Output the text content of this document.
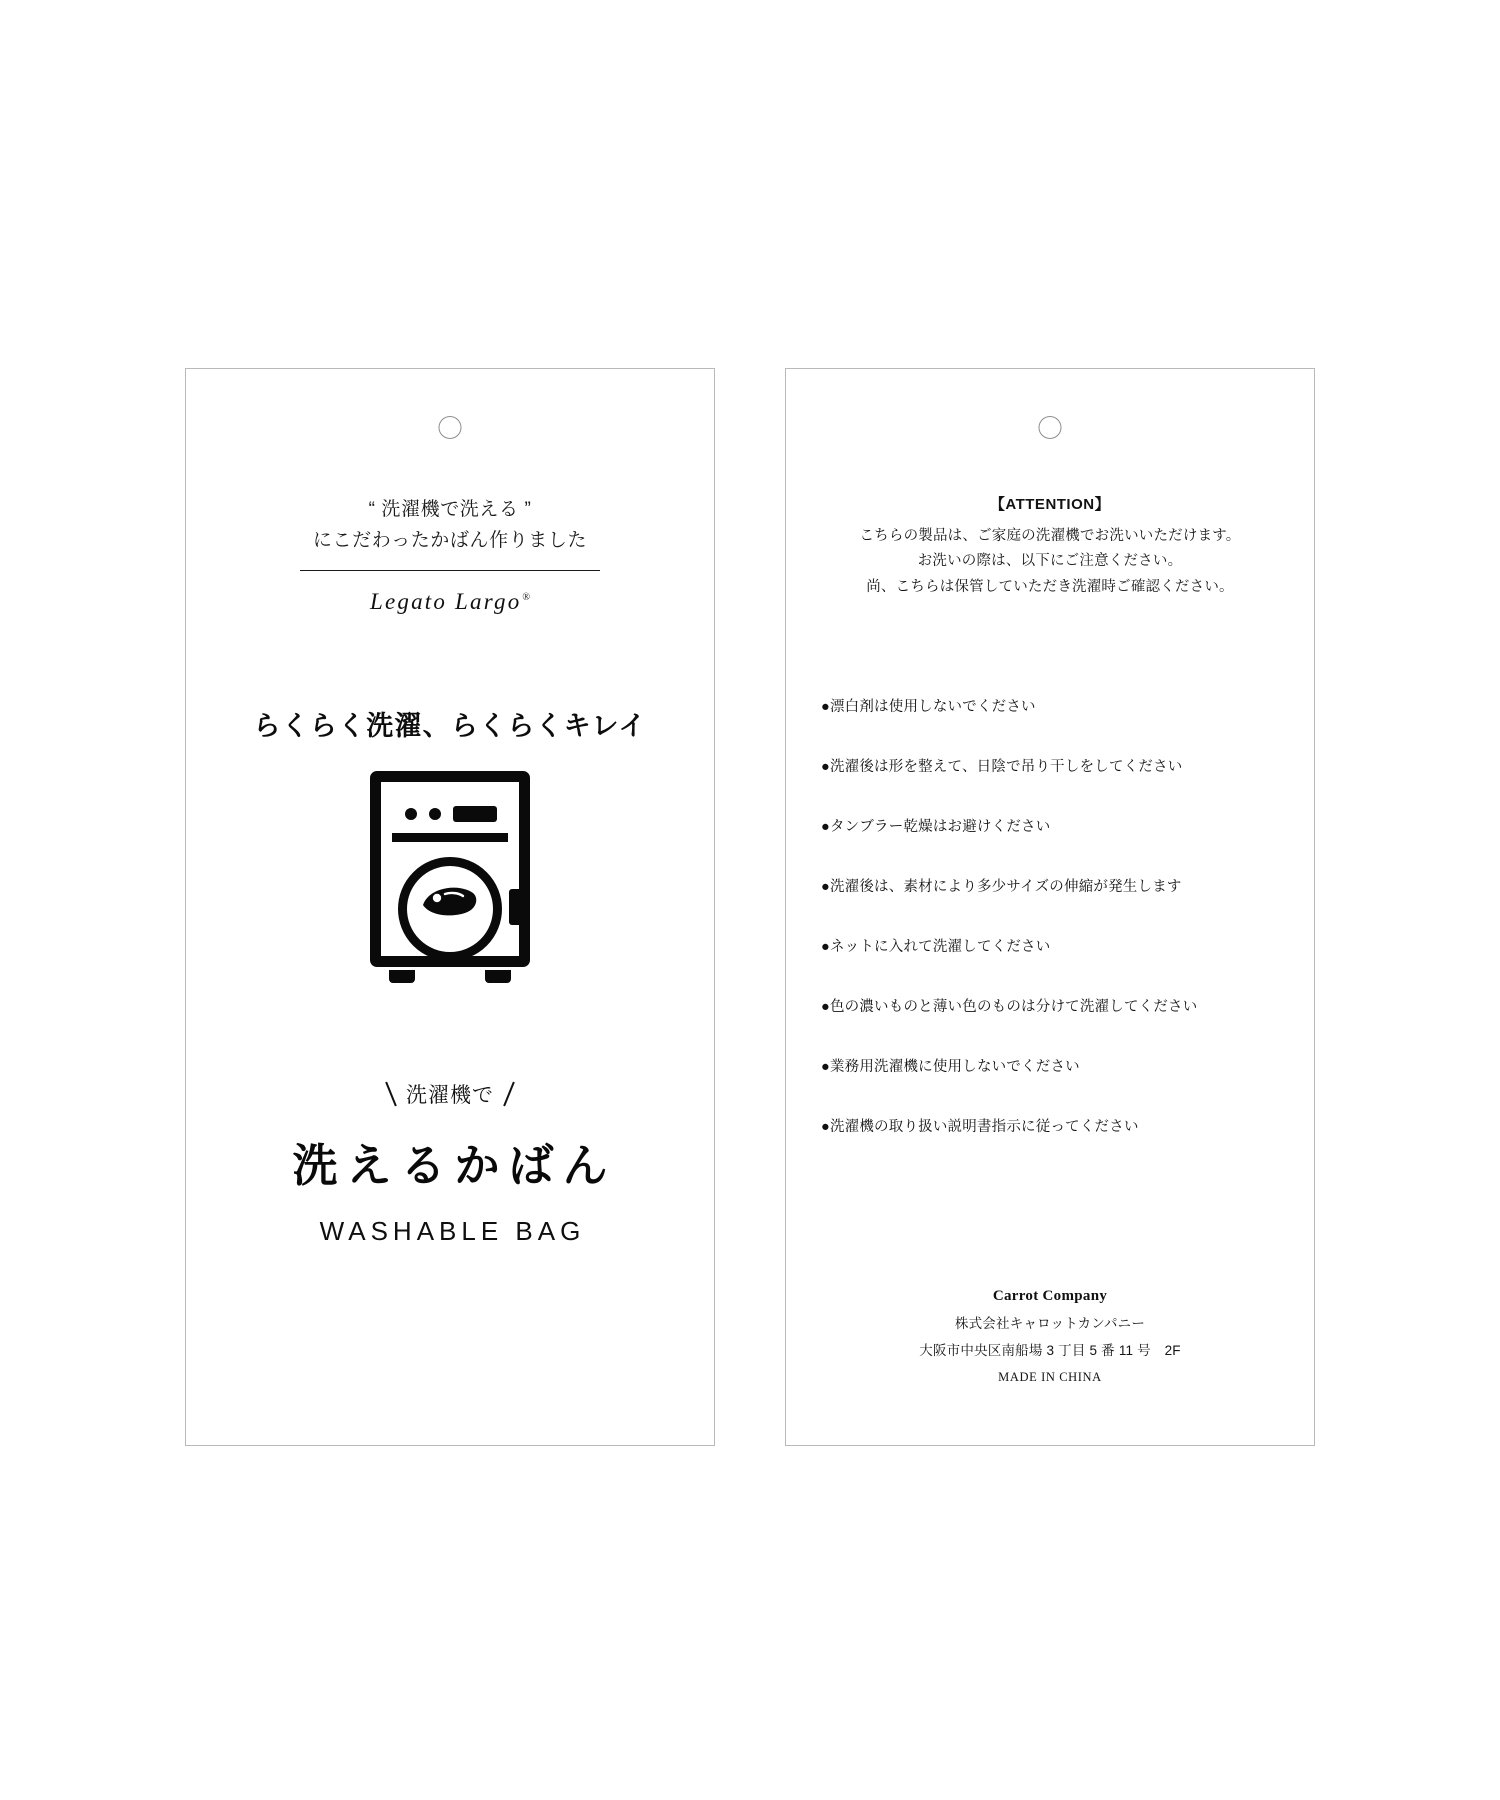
“ 洗濯機で洗える ”
にこだわったかばん作りました
Legato Largo®
らくらく洗濯、らくらくキレイ
洗濯機で
洗えるかばん
WASHABLE BAG
【ATTENTION】
こちらの製品は、ご家庭の洗濯機でお洗いいただけます。
お洗いの際は、以下にご注意ください。
尚、こちらは保管していただき洗濯時ご確認ください。
●漂白剤は使用しないでください
●洗濯後は形を整えて、日陰で吊り干しをしてください
●タンブラー乾燥はお避けください
●洗濯後は、素材により多少サイズの伸縮が発生します
●ネットに入れて洗濯してください
●色の濃いものと薄い色のものは分けて洗濯してください
●業務用洗濯機に使用しないでください
●洗濯機の取り扱い説明書指示に従ってください
Carrot Company
株式会社キャロットカンパニー
大阪市中央区南船場 3 丁目 5 番 11 号　2F
MADE IN CHINA
